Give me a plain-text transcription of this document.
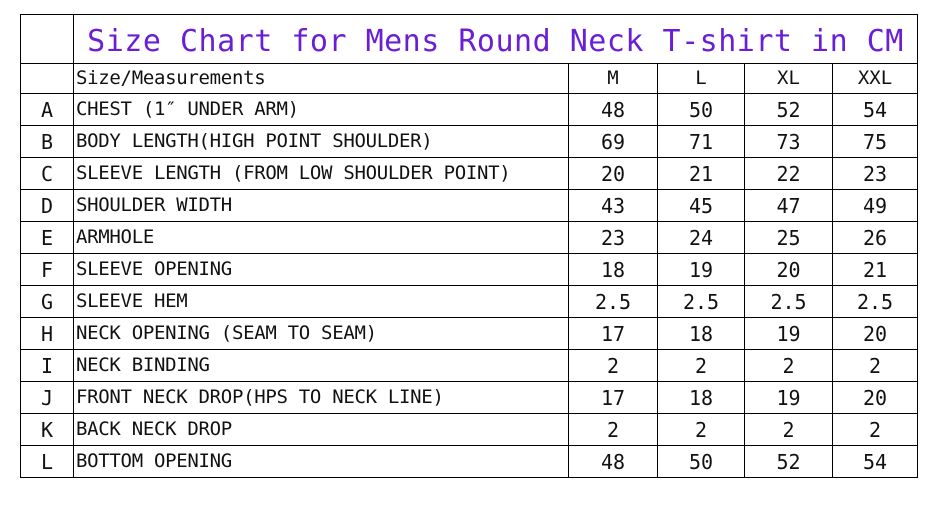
	Size Chart for Mens Round Neck T-shirt in CM				
	Size/Measurements	M	L	XL	XXL
A	CHEST (1″ UNDER ARM)	48	50	52	54
B	BODY LENGTH(HIGH POINT SHOULDER)	69	71	73	75
C	SLEEVE LENGTH (FROM LOW SHOULDER POINT)	20	21	22	23
D	SHOULDER WIDTH	43	45	47	49
E	ARMHOLE	23	24	25	26
F	SLEEVE OPENING	18	19	20	21
G	SLEEVE HEM	2.5	2.5	2.5	2.5
H	NECK OPENING (SEAM TO SEAM)	17	18	19	20
I	NECK BINDING	2	2	2	2
J	FRONT NECK DROP(HPS TO NECK LINE)	17	18	19	20
K	BACK NECK DROP	2	2	2	2
L	BOTTOM OPENING	48	50	52	54
